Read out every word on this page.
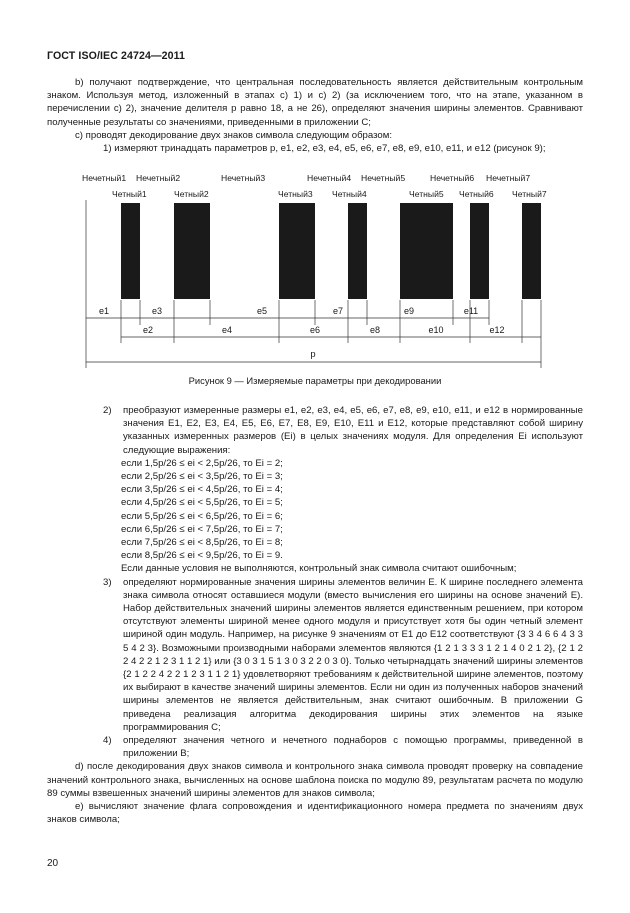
ГОСТ ISO/IEC 24724—2011

b) получают подтверждение, что центральная последовательность является действительным контрольным знаком. Используя метод, изложенный в этапах c) 1) и c) 2) (за исключением того, что на этапе, указанном в перечислении c) 2), значение делителя p равно 18, а не 26), определяют значения ширины элементов. Сравнивают полученные результаты со значениями, приведенными в приложении C;

c) проводят декодирование двух знаков символа следующим образом:

1) измеряют тринадцать параметров p, e1, e2, e3, e4, e5, e6, e7, e8, e9, e10, e11, и e12 (рисунок 9);

Нечетный1 Нечетный2	Нечетный3	Нечетный4 Нечетный5	Нечетный6 Нечетный7
Четный1	Четный2	Четный3 Четный4	Четный5 Четный6 Четный7
e1	e3	e5	e7	e9	e11
e2	e4	e6	e8	e10	e12
p
Рисунок 9 — Измеряемые параметры при декодировании
2)	преобразуют измеренные размеры e1, e2, e3, e4, e5, e6, e7, e8, e9, e10, e11, и e12 в нормированные значения E1, E2, E3, E4, E5, E6, E7, E8, E9, E10, E11 и E12, которые представляют собой ширину указанных измеренных размеров (Ei) в целых значениях модуля. Для определения Ei используют следующие выражения:
если 1,5p/26 ≤ ei < 2,5p/26, то Ei = 2;
если 2,5p/26 ≤ ei < 3,5p/26, то Ei = 3;
если 3,5p/26 ≤ ei < 4,5p/26, то Ei = 4;
если 4,5p/26 ≤ ei < 5,5p/26, то Ei = 5;
если 5,5p/26 ≤ ei < 6,5p/26, то Ei = 6;
если 6,5p/26 ≤ ei < 7,5p/26, то Ei = 7;
если 7,5p/26 ≤ ei < 8,5p/26, то Ei = 8;
если 8,5p/26 ≤ ei < 9,5p/26, то Ei = 9.
Если данные условия не выполняются, контрольный знак символа считают ошибочным;
3)	определяют нормированные значения ширины элементов величин E. К ширине последнего элемента знака символа относят оставшиеся модули (вместо вычисления его ширины на основе значений E). Набор действительных значений ширины элементов является единственным решением, при котором отсутствуют элементы шириной менее одного модуля и присутствует хотя бы один четный элемент шириной один модуль. Например, на рисунке 9 значениям от E1 до E12 соответствуют {3 3 4 6 6 4 3 3 5 4 2 3}. Возможными производными наборами элементов являются {1 2 1 3 3 3 1 2 1 4 0 2 1 2}, {2 1 2 2 4 2 2 1 2 3 1 1 2 1} или {3 0 3 1 5 1 3 0 3 2 2 0 3 0}. Только четырнадцать значений ширины элементов {2 1 2 2 4 2 2 1 2 3 1 1 2 1} удовлетворяют требованиям к действительной ширине элементов, поэтому их выбирают в качестве значений ширины элементов. Если ни один из полученных наборов значений ширины элементов не является действительным, знак считают ошибочным. В приложении G приведена реализация алгоритма декодирования ширины этих элементов на языке программирования C;
4)	определяют значения четного и нечетного поднаборов с помощью программы, приведенной в приложении B;

d) после декодирования двух знаков символа и контрольного знака символа проводят проверку на совпадение значений контрольного знака, вычисленных на основе шаблона поиска по модулю 89, результатам расчета по модулю 89 суммы взвешенных значений ширины элементов для знаков символа;

e) вычисляют значение флага сопровождения и идентификационного номера предмета по значениям двух знаков символа;

20
